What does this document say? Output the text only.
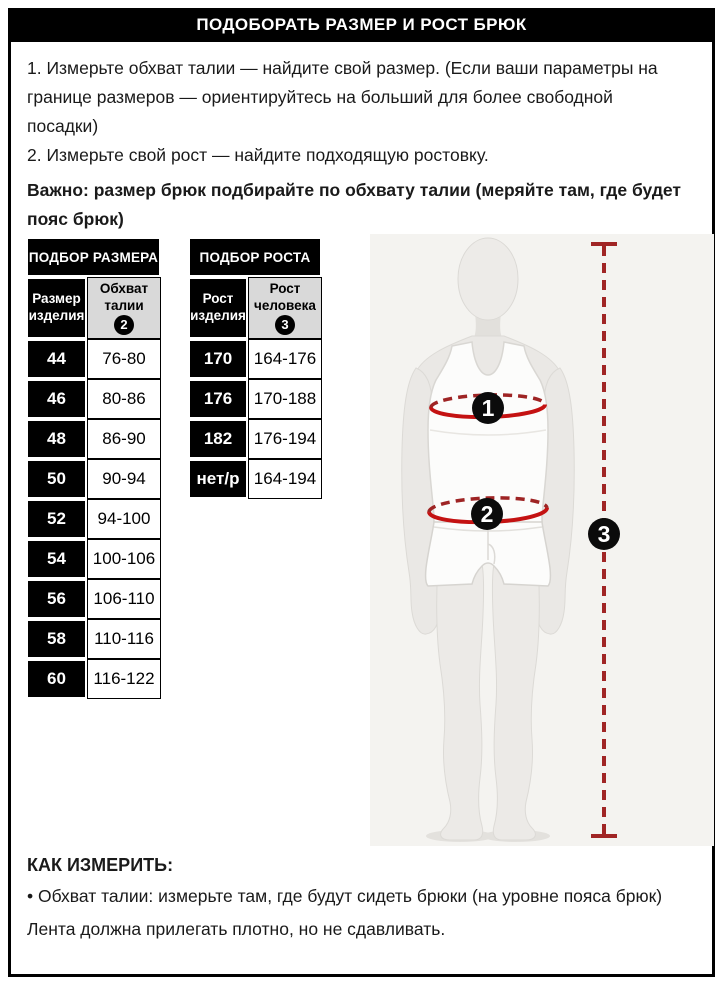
ПОДОБОРАТЬ РАЗМЕР И РОСТ БРЮК
1. Измерьте обхват талии — найдите свой размер. (Если ваши параметры на
границе размеров — ориентируйтесь на больший для более свободной
посадки)
2. Измерьте свой рост — найдите подходящую ростовку.
Важно: размер брюк подбирайте по обхвату талии (меряйте там, где будет
пояс брюк)
ПОДБОР РАЗМЕРА
Размер изделия
Обхват талии
2
44	76-80
46	80-86
48	86-90
50	90-94
52	94-100
54	100-106
56	106-110
58	110-116
60	116-122
ПОДБОР РОСТА
Рост изделия
Рост человека
3
170	164-176
176	170-188
182	176-194
нет/р 164-194
1
2
3
КАК ИЗМЕРИТЬ:
• Обхват талии: измерьте там, где будут сидеть брюки (на уровне пояса брюк)
Лента должна прилегать плотно, но не сдавливать.
